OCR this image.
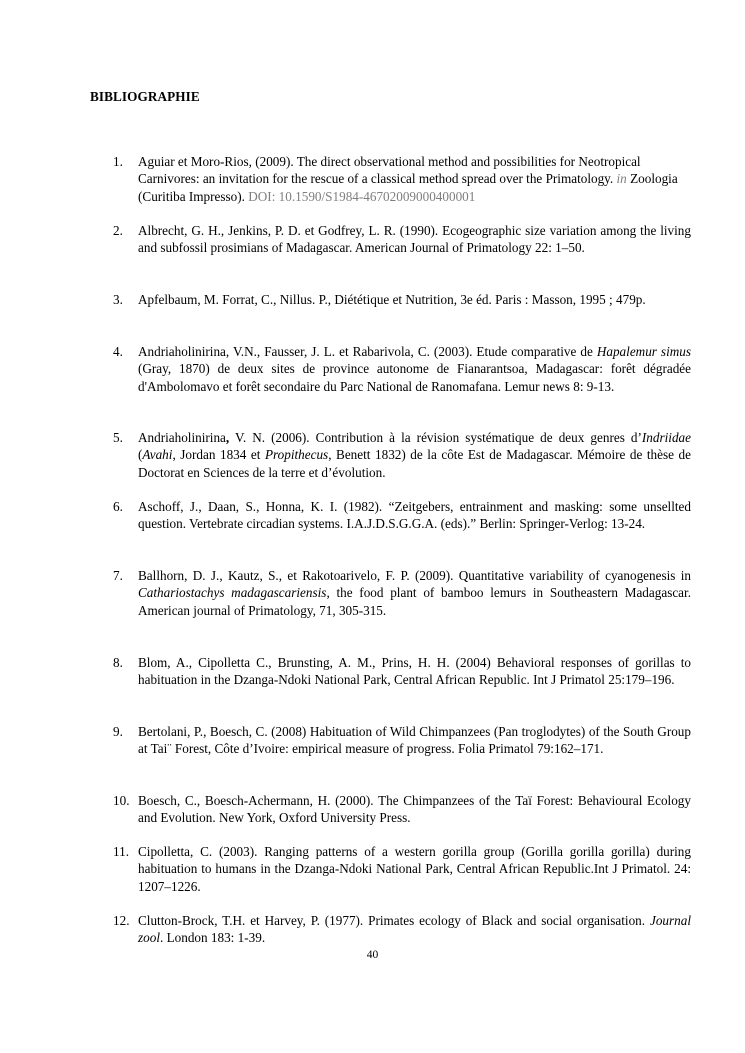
BIBLIOGRAPHIE
1.	Aguiar et Moro-Rios, (2009). The direct observational method and possibilities for Neotropical Carnivores: an invitation for the rescue of a classical method spread over the Primatology. in Zoologia (Curitiba Impresso). DOI: 10.1590/S1984-46702009000400001
2.	Albrecht, G. H., Jenkins, P. D. et Godfrey, L. R. (1990). Ecogeographic size variation among the living and subfossil prosimians of Madagascar. American Journal of Primatology 22: 1–50.
3.	Apfelbaum, M. Forrat, C., Nillus. P., Diététique et Nutrition, 3e éd. Paris : Masson, 1995 ; 479p.
4.	Andriaholinirina, V.N., Fausser, J. L. et Rabarivola, C. (2003). Etude comparative de Hapalemur simus (Gray, 1870) de deux sites de province autonome de Fianarantsoa, Madagascar: forêt dégradée d'Ambolomavo et forêt secondaire du Parc National de Ranomafana. Lemur news 8: 9-13.
5.	Andriaholinirina, V. N. (2006). Contribution à la révision systématique de deux genres d’Indriidae (Avahi, Jordan 1834 et Propithecus, Benett 1832) de la côte Est de Madagascar. Mémoire de thèse de Doctorat en Sciences de la terre et d’évolution.
6.	Aschoff, J., Daan, S., Honna, K. I. (1982). “Zeitgebers, entrainment and masking: some unsellted question. Vertebrate circadian systems. I.A.J.D.S.G.G.A. (eds).” Berlin: Springer-Verlog: 13-24.
7.	Ballhorn, D. J., Kautz, S., et Rakotoarivelo, F. P. (2009). Quantitative variability of cyanogenesis in Cathariostachys madagascariensis, the food plant of bamboo lemurs in Southeastern Madagascar. American journal of Primatology, 71, 305-315.
8.	Blom, A., Cipolletta C., Brunsting, A. M., Prins, H. H. (2004) Behavioral responses of gorillas to habituation in the Dzanga-Ndoki National Park, Central African Republic. Int J Primatol 25:179–196.
9.	Bertolani, P., Boesch, C. (2008) Habituation of Wild Chimpanzees (Pan troglodytes) of the South Group at Tai¨ Forest, Côte d’Ivoire: empirical measure of progress. Folia Primatol 79:162–171.
10. Boesch, C., Boesch-Achermann, H. (2000). The Chimpanzees of the Taï Forest: Behavioural Ecology and Evolution. New York, Oxford University Press.
11. Cipolletta, C. (2003). Ranging patterns of a western gorilla group (Gorilla gorilla gorilla) during habituation to humans in the Dzanga-Ndoki National Park, Central African Republic.Int J Primatol. 24: 1207–1226.
12. Clutton-Brock, T.H. et Harvey, P. (1977). Primates ecology of Black and social organisation. Journal zool. London 183: 1-39.
40
